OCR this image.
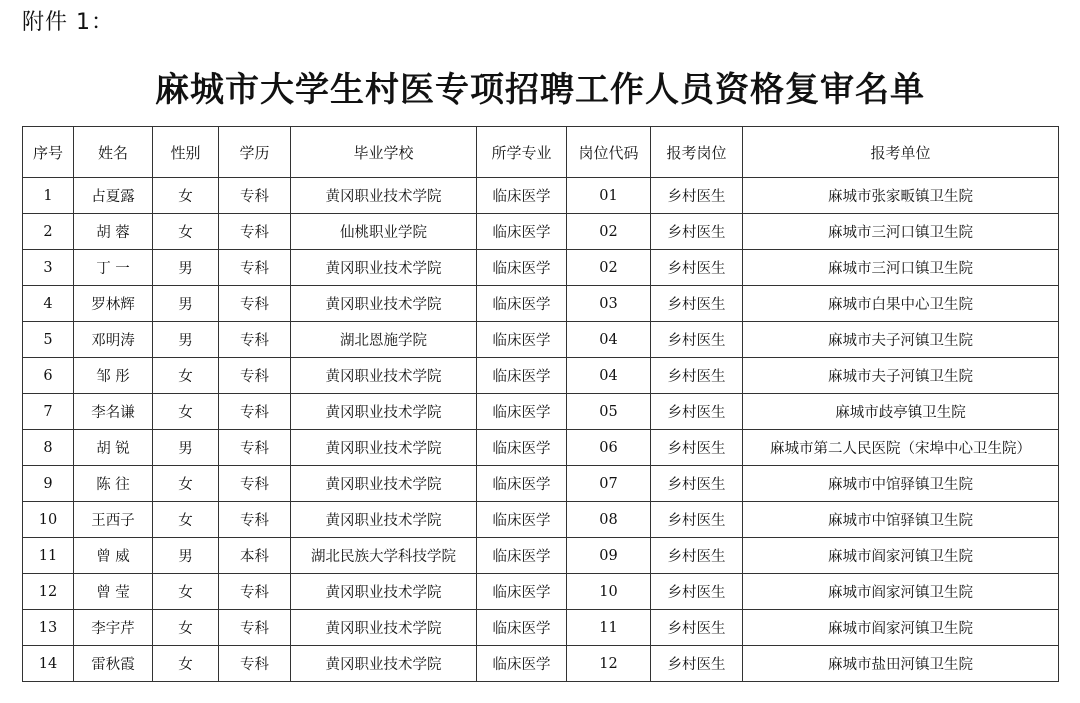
附件 1：
麻城市大学生村医专项招聘工作人员资格复审名单
序号	姓名	性别	学历	毕业学校	所学专业	岗位代码	报考岗位	报考单位
1	占夏露	女	专科	黄冈职业技术学院	临床医学	01	乡村医生	麻城市张家畈镇卫生院
2	胡 蓉	女	专科	仙桃职业学院	临床医学	02	乡村医生	麻城市三河口镇卫生院
3	丁 一	男	专科	黄冈职业技术学院	临床医学	02	乡村医生	麻城市三河口镇卫生院
4	罗林辉	男	专科	黄冈职业技术学院	临床医学	03	乡村医生	麻城市白果中心卫生院
5	邓明涛	男	专科	湖北恩施学院	临床医学	04	乡村医生	麻城市夫子河镇卫生院
6	邹 彤	女	专科	黄冈职业技术学院	临床医学	04	乡村医生	麻城市夫子河镇卫生院
7	李名谦	女	专科	黄冈职业技术学院	临床医学	05	乡村医生	麻城市歧亭镇卫生院
8	胡 锐	男	专科	黄冈职业技术学院	临床医学	06	乡村医生	麻城市第二人民医院（宋埠中心卫生院）
9	陈 往	女	专科	黄冈职业技术学院	临床医学	07	乡村医生	麻城市中馆驿镇卫生院
10	王西子	女	专科	黄冈职业技术学院	临床医学	08	乡村医生	麻城市中馆驿镇卫生院
11	曾 威	男	本科	湖北民族大学科技学院	临床医学	09	乡村医生	麻城市阎家河镇卫生院
12	曾 莹	女	专科	黄冈职业技术学院	临床医学	10	乡村医生	麻城市阎家河镇卫生院
13	李宇芹	女	专科	黄冈职业技术学院	临床医学	11	乡村医生	麻城市阎家河镇卫生院
14	雷秋霞	女	专科	黄冈职业技术学院	临床医学	12	乡村医生	麻城市盐田河镇卫生院
